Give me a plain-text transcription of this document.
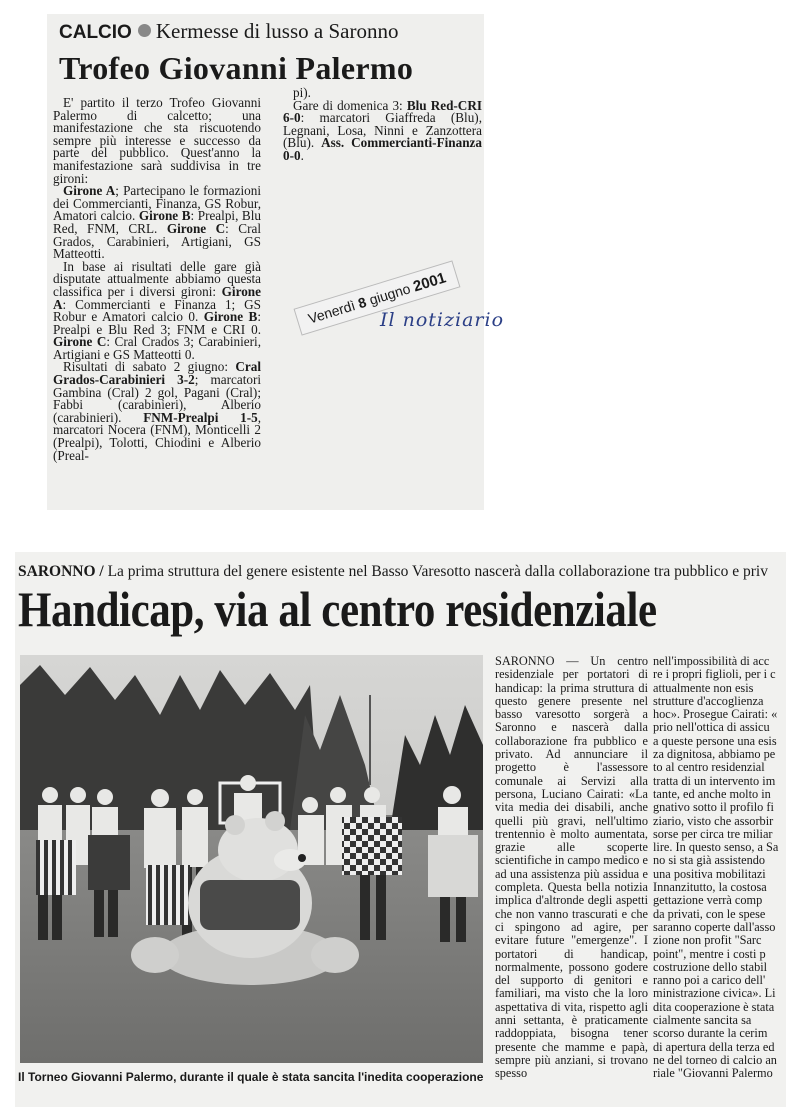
CALCIO Kermesse di lusso a Saronno
Trofeo Giovanni Palermo

E' partito il terzo Trofeo Giovanni Palermo di calcetto; una manifestazione che sta riscuotendo sempre più interesse e successo da parte del pubblico. Quest'anno la manifestazione sarà suddivisa in tre gironi:

Girone A; Partecipano le formazioni dei Commercianti, Finanza, GS Robur, Amatori calcio. Girone B: Prealpi, Blu Red, FNM, CRL. Girone C: Cral Grados, Carabinieri, Artigiani, GS Matteotti.

In base ai risultati delle gare già disputate attualmente abbiamo questa classifica per i diversi gironi: Girone A: Commercianti e Finanza 1; GS Robur e Amatori calcio 0. Girone B: Prealpi e Blu Red 3; FNM e CRI 0. Girone C: Cral Crados 3; Carabinieri, Artigiani e GS Matteotti 0.

Risultati di sabato 2 giugno: Cral Grados-Carabinieri 3-2; marcatori Gambina (Cral) 2 gol, Pagani (Cral); Fabbi (carabinieri), Alberio (carabinieri). FNM-Prealpi 1-5, marcatori Nocera (FNM), Monticelli 2 (Prealpi), Tolotti, Chiodini e Alberio (Preal-

pi).

Gare di domenica 3: Blu Red-CRI 6-0: marcatori Giaffreda (Blu), Legnani, Losa, Ninni e Zanzottera (Blu). Ass. Commercianti-Finanza 0-0.

Venerdì 8 giugno 2001
Il notiziario
SARONNO / La prima struttura del genere esistente nel Basso Varesotto nascerà dalla collaborazione tra pubblico e priv
Handicap, via al centro residenziale
Il Torneo Giovanni Palermo, durante il quale è stata sancita l'inedita cooperazione

SARONNO — Un centro residenziale per portatori di handicap: la prima struttura di questo genere presente nel basso varesotto sorgerà a Saronno e nascerà dalla collaborazione fra pubblico e privato. Ad annunciare il progetto è l'assessore comunale ai Servizi alla persona, Luciano Cairati: «La vita media dei disabili, anche quelli più gravi, nell'ultimo trentennio è molto aumentata, grazie alle scoperte scientifiche in campo medico e ad una assistenza più assidua e completa. Questa bella notizia implica d'altronde degli aspetti che non vanno trascurati e che ci spingono ad agire, per evitare future "emergenze". I portatori di handicap, normalmente, possono godere del supporto di genitori e familiari, ma visto che la loro aspettativa di vita, rispetto agli anni settanta, è praticamente raddoppiata, bisogna tener presente che mamme e papà, sempre più anziani, si trovano spesso

nell'impossibilità di acc

re i propri figlioli, per i c

attualmente non esis

strutture d'accoglienza

hoc». Prosegue Cairati: «

prio nell'ottica di assicu

a queste persone una esis

za dignitosa, abbiamo pe

to al centro residenzial

tratta di un intervento im

tante, ed anche molto in

gnativo sotto il profilo fi

ziario, visto che assorbir

sorse per circa tre miliar

lire. In questo senso, a Sa

no si sta già assistendo

una positiva mobilitazi

Innanzitutto, la costosa

gettazione verrà comp

da privati, con le spese

saranno coperte dall'asso

zione non profit "Sarc

point", mentre i costi p

costruzione dello stabil

ranno poi a carico dell'

ministrazione civica». Li

dita cooperazione è stata

cialmente sancita sa

scorso durante la cerim

di apertura della terza ed

ne del torneo di calcio an

riale "Giovanni Palermo
